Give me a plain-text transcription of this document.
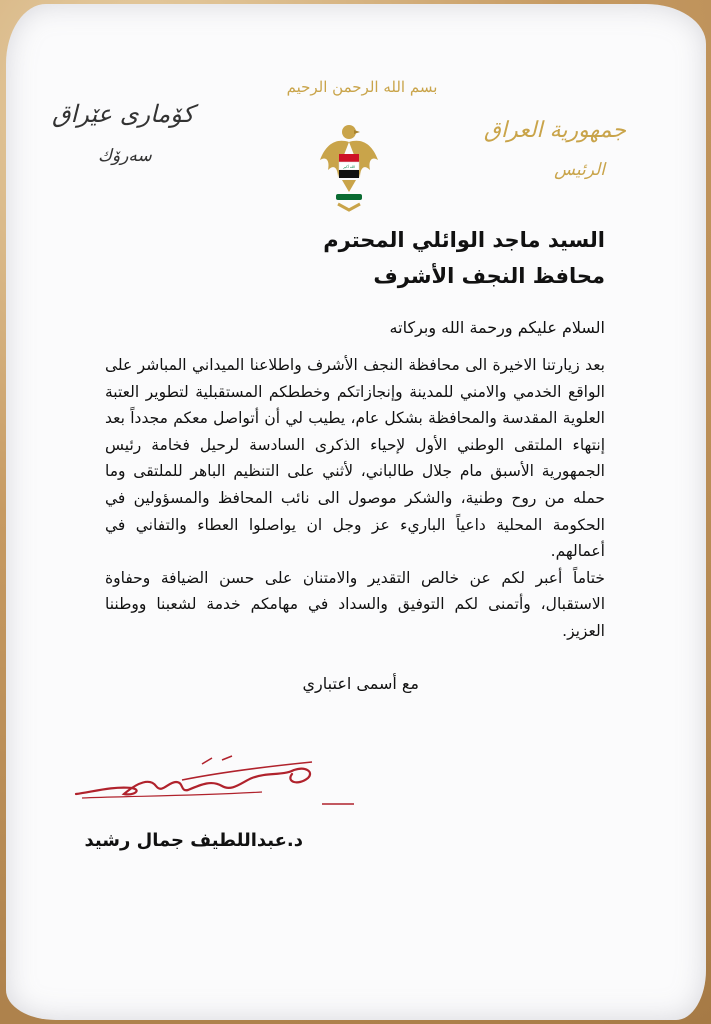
بسم الله الرحمن الرحيم
الله أكبر
جمهورية العراق
الرئيس
کۆماری عێراق
سەرۆك
السيد ماجد الوائلي المحترم
محافظ النجف الأشرف
السلام عليكم ورحمة الله وبركاته

بعد زيارتنا الاخيرة الى محافظة النجف الأشرف واطلاعنا الميداني المباشر على الواقع الخدمي والامني للمدينة وإنجازاتكم وخططكم المستقبلية لتطوير العتبة العلوية المقدسة والمحافظة بشكل عام، يطيب لي أن أتواصل معكم مجدداً بعد إنتهاء الملتقى الوطني الأول لإحياء الذكرى السادسة لرحيل فخامة رئيس الجمهورية الأسبق مام جلال طالباني، لأثني على التنظيم الباهر للملتقى وما حمله من روح وطنية، والشكر موصول الى نائب المحافظ والمسؤولين في الحكومة المحلية داعياً الباريء عز وجل ان يواصلوا العطاء والتفاني في أعمالهم.

ختاماً أعبر لكم عن خالص التقدير والامتنان على حسن الضيافة وحفاوة الاستقبال، وأتمنى لكم التوفيق والسداد في مهامكم خدمة لشعبنا ووطننا العزيز.

مع أسمى اعتباري
د.عبداللطيف جمال رشيد
